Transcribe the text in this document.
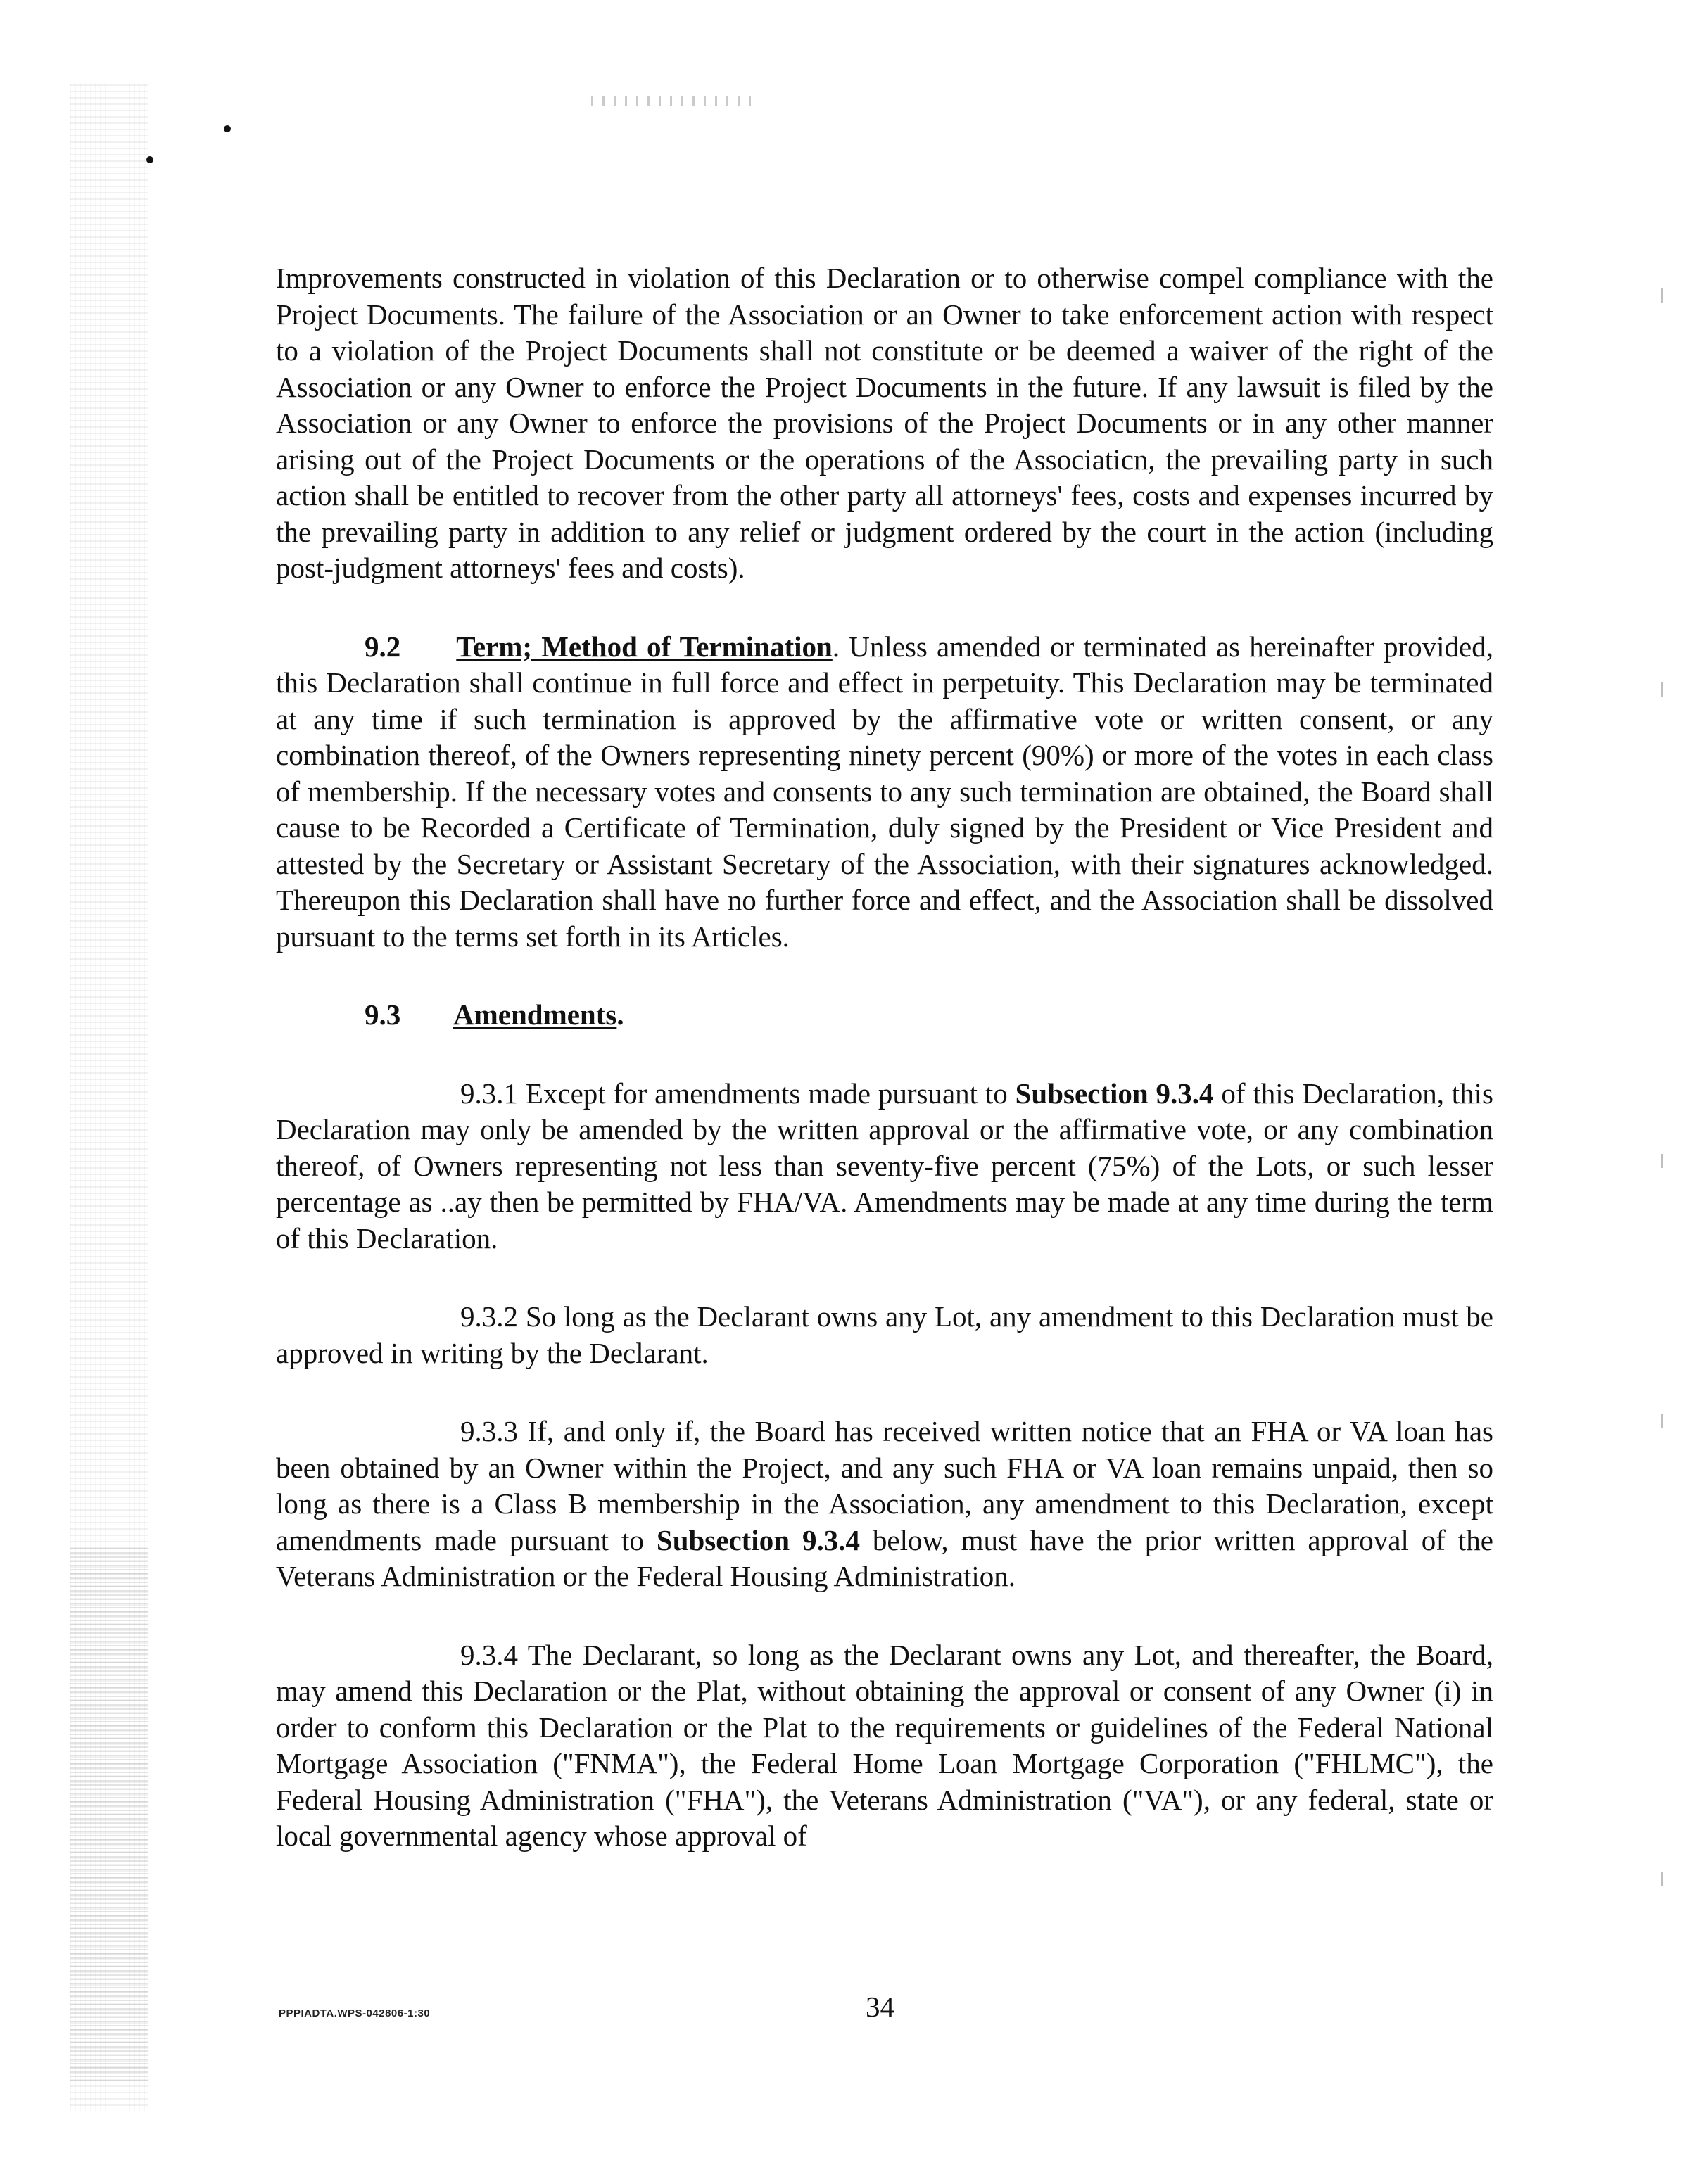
Improvements constructed in violation of this Declaration or to otherwise compel compliance with the Project Documents. The failure of the Association or an Owner to take enforcement action with respect to a violation of the Project Documents shall not constitute or be deemed a waiver of the right of the Association or any Owner to enforce the Project Documents in the future. If any lawsuit is filed by the Association or any Owner to enforce the provisions of the Project Documents or in any other manner arising out of the Project Documents or the operations of the Associaticn, the prevailing party in such action shall be entitled to recover from the other party all attorneys' fees, costs and expenses incurred by the prevailing party in addition to any relief or judgment ordered by the court in the action (including post-judgment attorneys' fees and costs).

9.2 Term; Method of Termination. Unless amended or terminated as hereinafter provided, this Declaration shall continue in full force and effect in perpetuity. This Declaration may be terminated at any time if such termination is approved by the affirmative vote or written consent, or any combination thereof, of the Owners representing ninety percent (90%) or more of the votes in each class of membership. If the necessary votes and consents to any such termination are obtained, the Board shall cause to be Recorded a Certificate of Termination, duly signed by the President or Vice President and attested by the Secretary or Assistant Secretary of the Association, with their signatures acknowledged. Thereupon this Declaration shall have no further force and effect, and the Association shall be dissolved pursuant to the terms set forth in its Articles.

9.3 Amendments.

9.3.1 Except for amendments made pursuant to Subsection 9.3.4 of this Declaration, this Declaration may only be amended by the written approval or the affirmative vote, or any combination thereof, of Owners representing not less than seventy-five percent (75%) of the Lots, or such lesser percentage as ..ay then be permitted by FHA/VA. Amendments may be made at any time during the term of this Declaration.

9.3.2 So long as the Declarant owns any Lot, any amendment to this Declaration must be approved in writing by the Declarant.

9.3.3 If, and only if, the Board has received written notice that an FHA or VA loan has been obtained by an Owner within the Project, and any such FHA or VA loan remains unpaid, then so long as there is a Class B membership in the Association, any amendment to this Declaration, except amendments made pursuant to Subsection 9.3.4 below, must have the prior written approval of the Veterans Administration or the Federal Housing Administration.

9.3.4 The Declarant, so long as the Declarant owns any Lot, and thereafter, the Board, may amend this Declaration or the Plat, without obtaining the approval or consent of any Owner (i) in order to conform this Declaration or the Plat to the requirements or guidelines of the Federal National Mortgage Association ("FNMA"), the Federal Home Loan Mortgage Corporation ("FHLMC"), the Federal Housing Administration ("FHA"), the Veterans Administration ("VA"), or any federal, state or local governmental agency whose approval of

PPPIADTA.WPS-042806-1:30	34
